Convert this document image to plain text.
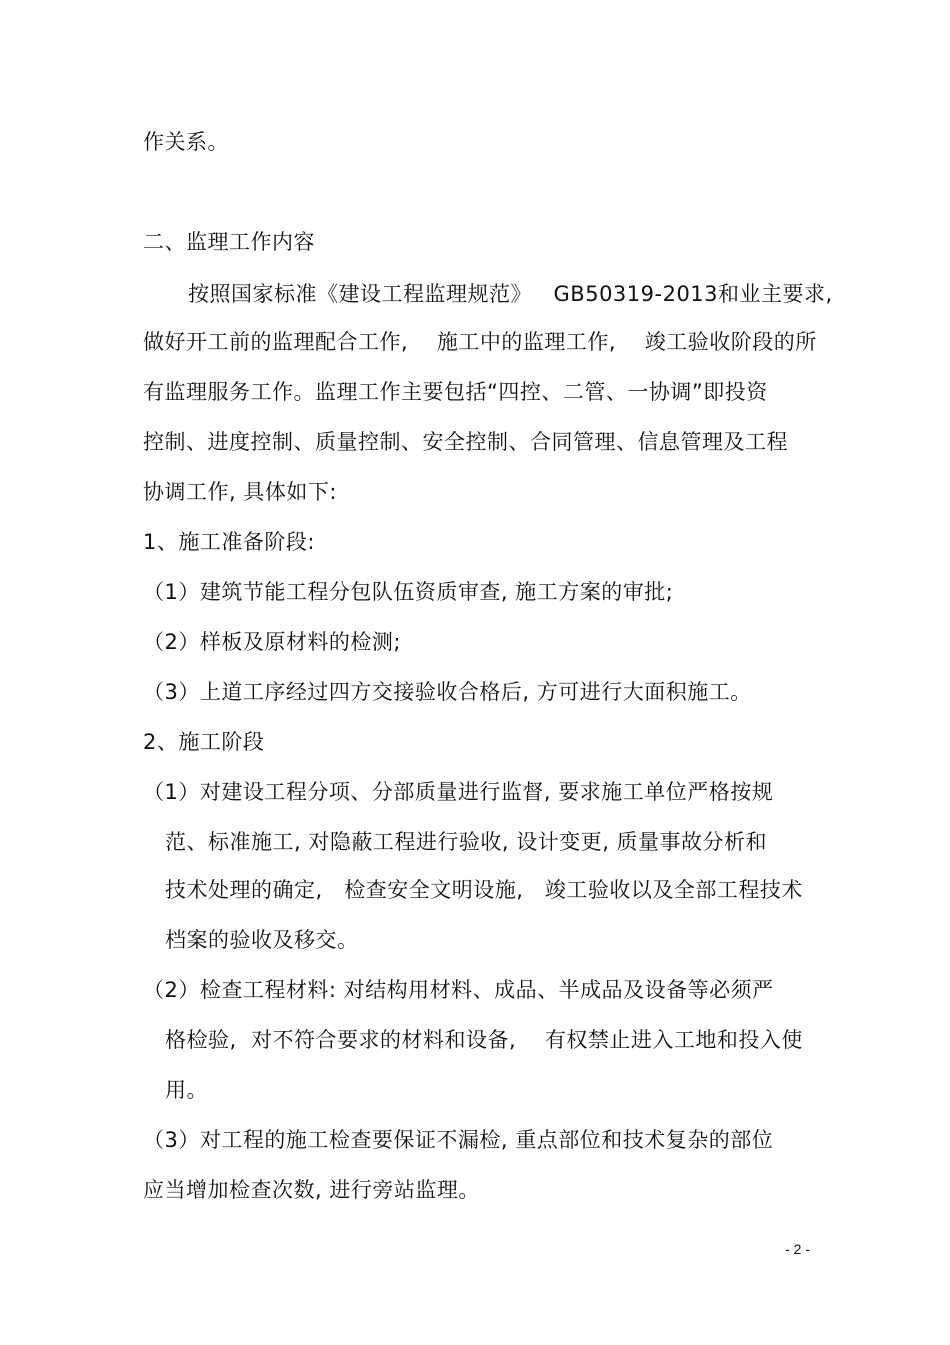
作关系。
二、监理工作内容
按照国家标准《建设工程监理规范》   GB50319-2013和业主要求,
做好开工前的监理配合工作,    施工中的监理工作,    竣工验收阶段的所
有监理服务工作。监理工作主要包括“四控、二管、一协调”即投资
控制、进度控制、质量控制、安全控制、合同管理、信息管理及工程
协调工作, 具体如下:
1、施工准备阶段:
（1）建筑节能工程分包队伍资质审查, 施工方案的审批;
（2）样板及原材料的检测;
（3）上道工序经过四方交接验收合格后, 方可进行大面积施工。
2、施工阶段
（1）对建设工程分项、分部质量进行监督, 要求施工单位严格按规
范、标准施工, 对隐蔽工程进行验收, 设计变更, 质量事故分析和
技术处理的确定,   检查安全文明设施,   竣工验收以及全部工程技术
档案的验收及移交。
（2）检查工程材料: 对结构用材料、成品、半成品及设备等必须严
格检验,  对不符合要求的材料和设备,    有权禁止进入工地和投入使
用。
（3）对工程的施工检查要保证不漏检, 重点部位和技术复杂的部位
应当增加检查次数, 进行旁站监理。
- 2 -
